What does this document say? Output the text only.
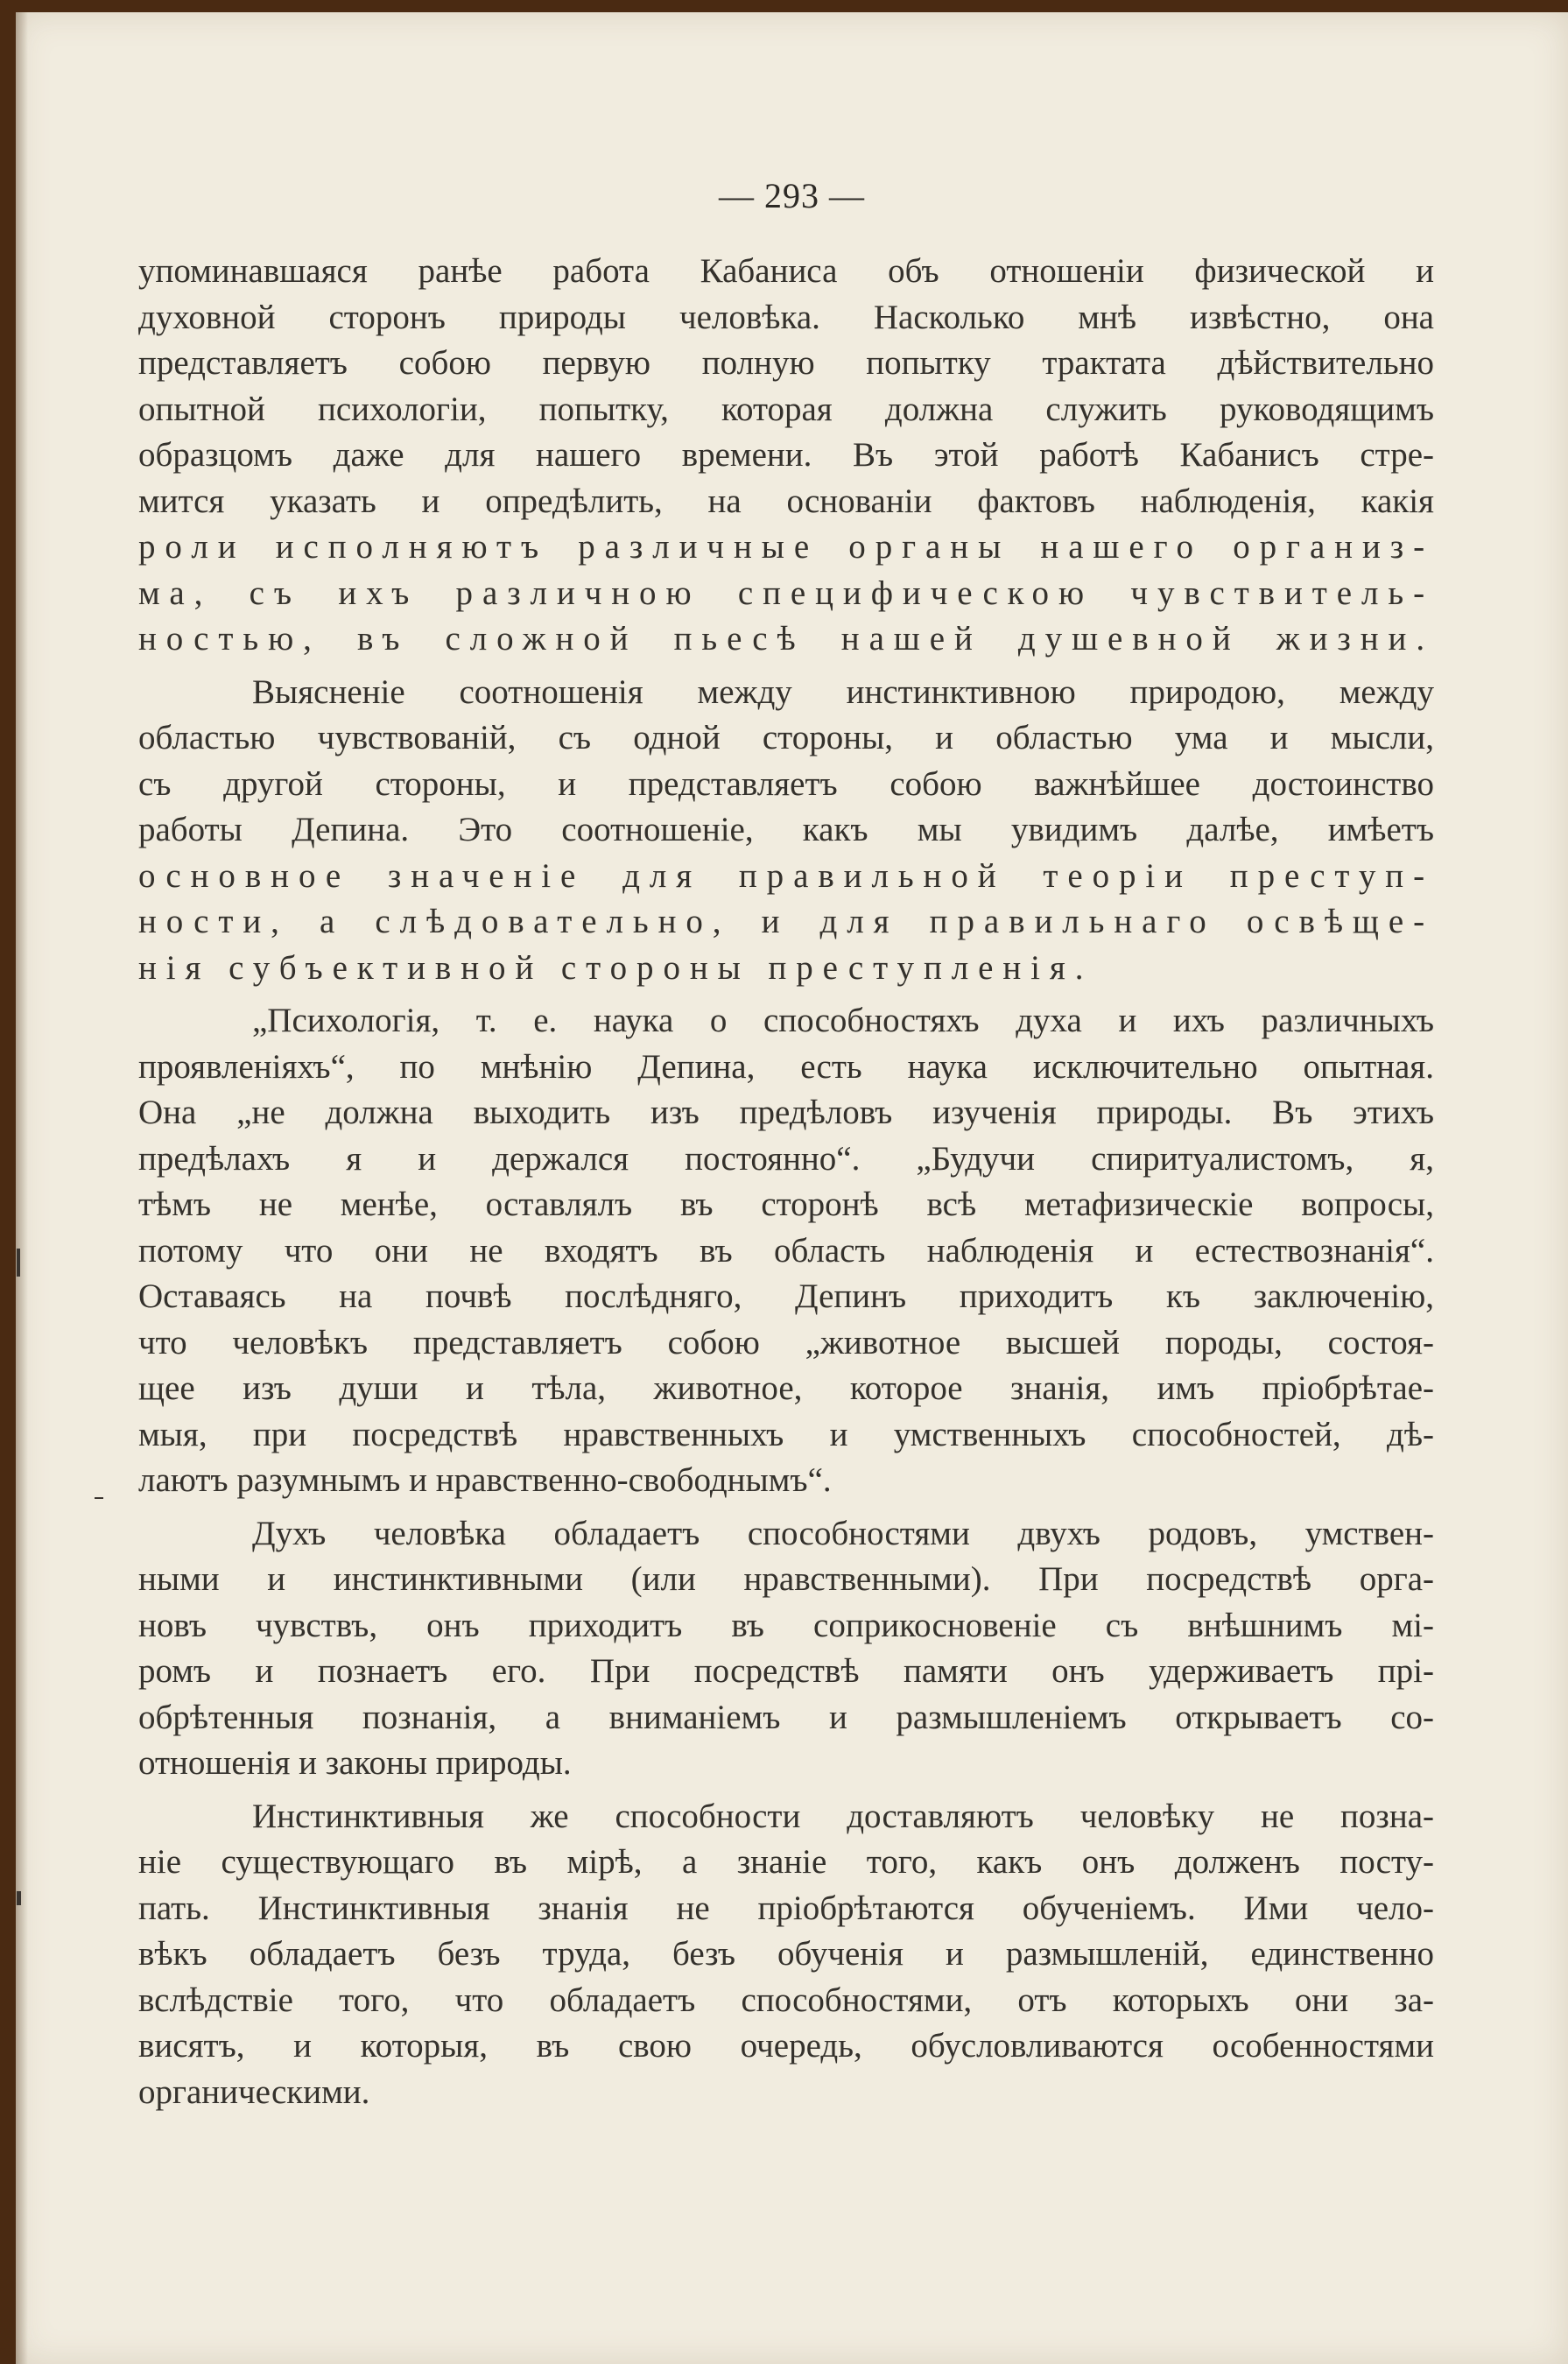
— 293 —

упоминавшаяся ранѣе работа Кабаниса объ отношеніи физической и
духовной сторонъ природы человѣка. Насколько мнѣ извѣстно, она
представляетъ собою первую полную попытку трактата дѣйствительно
опытной психологіи, попытку, которая должна служить руководящимъ
образцомъ даже для нашего времени. Въ этой работѣ Кабанисъ стре-
мится указать и опредѣлить, на основаніи фактовъ наблюденія, какія
роли исполняютъ различные органы нашего организ-
ма, съ ихъ различною специфическою чувствитель-
ностью, въ сложной пьесѣ нашей душевной жизни.

Выясненіе соотношенія между инстинктивною природою, между
областью чувствованій, съ одной стороны, и областью ума и мысли,
съ другой стороны, и представляетъ собою важнѣйшее достоинство
работы Депина. Это соотношеніе, какъ мы увидимъ далѣе, имѣетъ
основное значеніе для правильной теоріи преступ-
ности, а слѣдовательно, и для правильнаго освѣще-
нія субъективной стороны преступленія.

„Психологія, т. е. наука о способностяхъ духа и ихъ различныхъ
проявленіяхъ“, по мнѣнію Депина, есть наука исключительно опытная.
Она „не должна выходить изъ предѣловъ изученія природы. Въ этихъ
предѣлахъ я и держался постоянно“. „Будучи спиритуалистомъ, я,
тѣмъ не менѣе, оставлялъ въ сторонѣ всѣ метафизическіе вопросы,
потому что они не входятъ въ область наблюденія и естествознанія“.
Оставаясь на почвѣ послѣдняго, Депинъ приходитъ къ заключенію,
что человѣкъ представляетъ собою „животное высшей породы, состоя-
щее изъ души и тѣла, животное, которое знанія, имъ пріобрѣтае-
мыя, при посредствѣ нравственныхъ и умственныхъ способностей, дѣ-
лаютъ разумнымъ и нравственно-свободнымъ“.

Духъ человѣка обладаетъ способностями двухъ родовъ, умствен-
ными и инстинктивными (или нравственными). При посредствѣ орга-
новъ чувствъ, онъ приходитъ въ соприкосновеніе съ внѣшнимъ мі-
ромъ и познаетъ его. При посредствѣ памяти онъ удерживаетъ прі-
обрѣтенныя познанія, а вниманіемъ и размышленіемъ открываетъ со-
отношенія и законы природы.

Инстинктивныя же способности доставляютъ человѣку не позна-
ніе существующаго въ мірѣ, а знаніе того, какъ онъ долженъ посту-
пать. Инстинктивныя знанія не пріобрѣтаются обученіемъ. Ими чело-
вѣкъ обладаетъ безъ труда, безъ обученія и размышленій, единственно
вслѣдствіе того, что обладаетъ способностями, отъ которыхъ они за-
висятъ, и которыя, въ свою очередь, обусловливаются особенностями
органическими.
